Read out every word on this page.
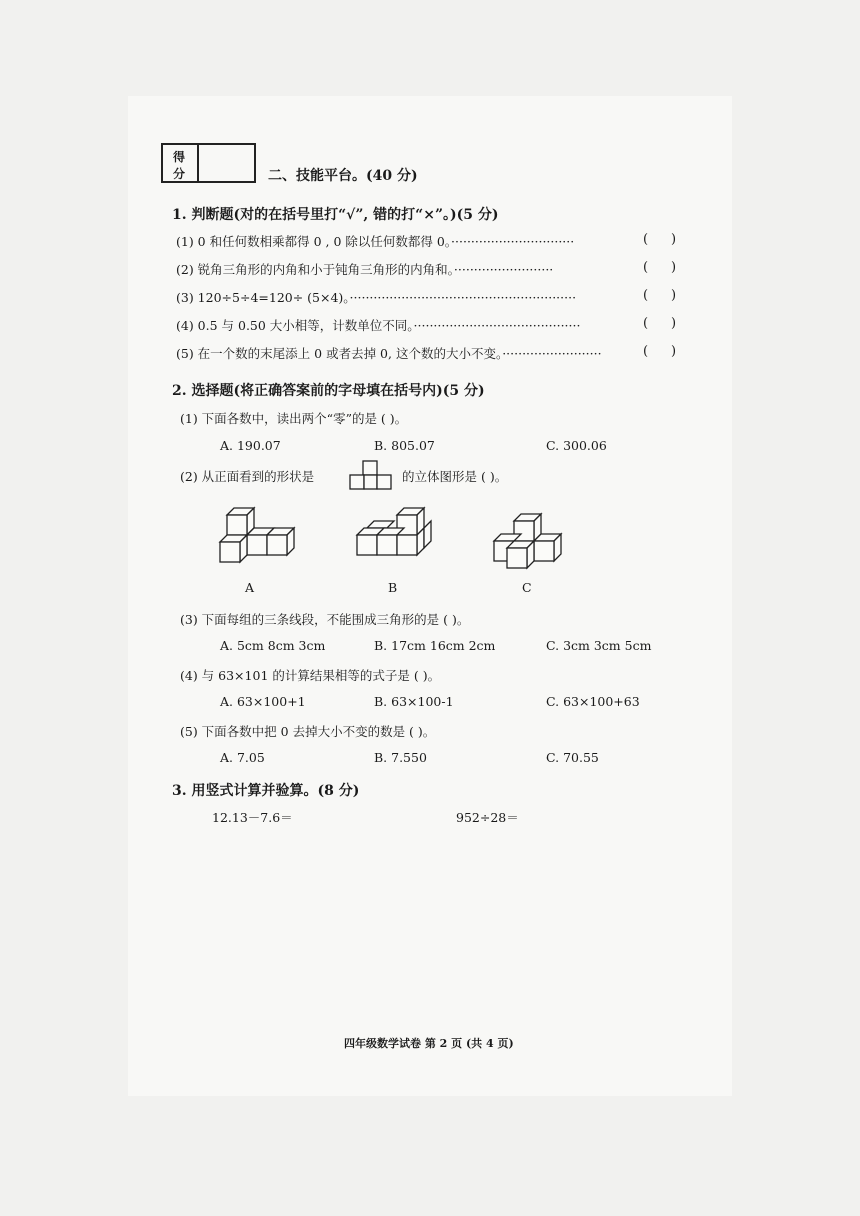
得
分	二、技能平台。(40 分)
1. 判断题(对的在括号里打“√”, 错的打“×”。)(5 分)
(1) 0 和任何数相乘都得 0 , 0 除以任何数都得 0。·······························	( )
(2) 锐角三角形的内角和小于钝角三角形的内角和。·························	( )
(3) 120÷5÷4=120÷ (5×4)。·························································	( )
(4) 0.5 与 0.50 大小相等，计数单位不同。··········································	( )
(5) 在一个数的末尾添上 0 或者去掉 0, 这个数的大小不变。·························	( )
2. 选择题(将正确答案前的字母填在括号内)(5 分)
(1) 下面各数中，读出两个“零”的是 ( )。
A. 190.07	B. 805.07	C. 300.06
(2) 从正面看到的形状是	的立体图形是 ( )。
A	B	C
(3) 下面每组的三条线段，不能围成三角形的是 ( )。
A. 5cm 8cm 3cm	B. 17cm 16cm 2cm	C. 3cm 3cm 5cm
(4) 与 63×101 的计算结果相等的式子是 ( )。
A. 63×100+1	B. 63×100-1	C. 63×100+63
(5) 下面各数中把 0 去掉大小不变的数是 ( )。
A. 7.05	B. 7.550	C. 70.55
3. 用竖式计算并验算。(8 分)
12.13－7.6＝	952÷28＝
四年级数学试卷 第 2 页 (共 4 页)
